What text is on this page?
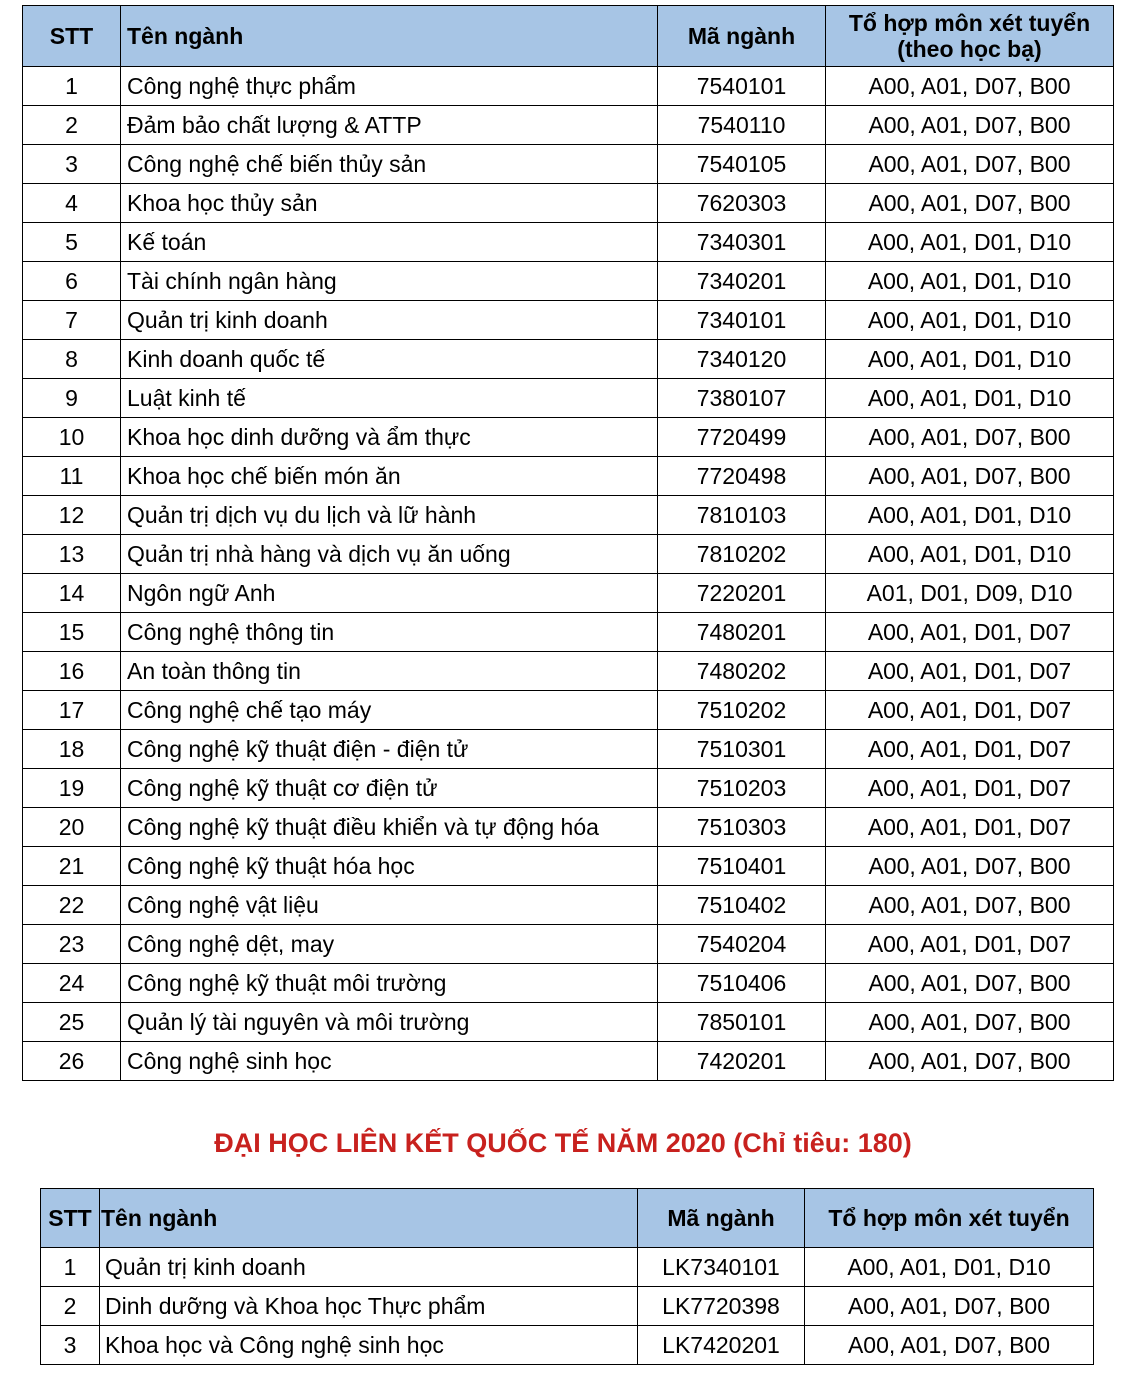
STT	Tên ngành	Mã ngành	Tổ hợp môn xét tuyển
(theo học bạ)
1	Công nghệ thực phẩm	7540101	A00, A01, D07, B00
2	Đảm bảo chất lượng & ATTP	7540110	A00, A01, D07, B00
3	Công nghệ chế biến thủy sản	7540105	A00, A01, D07, B00
4	Khoa học thủy sản	7620303	A00, A01, D07, B00
5	Kế toán	7340301	A00, A01, D01, D10
6	Tài chính ngân hàng	7340201	A00, A01, D01, D10
7	Quản trị kinh doanh	7340101	A00, A01, D01, D10
8	Kinh doanh quốc tế	7340120	A00, A01, D01, D10
9	Luật kinh tế	7380107	A00, A01, D01, D10
10	Khoa học dinh dưỡng và ẩm thực	7720499	A00, A01, D07, B00
11	Khoa học chế biến món ăn	7720498	A00, A01, D07, B00
12	Quản trị dịch vụ du lịch và lữ hành	7810103	A00, A01, D01, D10
13	Quản trị nhà hàng và dịch vụ ăn uống	7810202	A00, A01, D01, D10
14	Ngôn ngữ Anh	7220201	A01, D01, D09, D10
15	Công nghệ thông tin	7480201	A00, A01, D01, D07
16	An toàn thông tin	7480202	A00, A01, D01, D07
17	Công nghệ chế tạo máy	7510202	A00, A01, D01, D07
18	Công nghệ kỹ thuật điện - điện tử	7510301	A00, A01, D01, D07
19	Công nghệ kỹ thuật cơ điện tử	7510203	A00, A01, D01, D07
20	Công nghệ kỹ thuật điều khiển và tự động hóa	7510303	A00, A01, D01, D07
21	Công nghệ kỹ thuật hóa học	7510401	A00, A01, D07, B00
22	Công nghệ vật liệu	7510402	A00, A01, D07, B00
23	Công nghệ dệt, may	7540204	A00, A01, D01, D07
24	Công nghệ kỹ thuật môi trường	7510406	A00, A01, D07, B00
25	Quản lý tài nguyên và môi trường	7850101	A00, A01, D07, B00
26	Công nghệ sinh học	7420201	A00, A01, D07, B00
ĐẠI HỌC LIÊN KẾT QUỐC TẾ NĂM 2020 (Chỉ tiêu: 180)
STT	Tên ngành	Mã ngành	Tổ hợp môn xét tuyển
1	Quản trị kinh doanh	LK7340101	A00, A01, D01, D10
2	Dinh dưỡng và Khoa học Thực phẩm	LK7720398	A00, A01, D07, B00
3	Khoa học và Công nghệ sinh học	LK7420201	A00, A01, D07, B00
